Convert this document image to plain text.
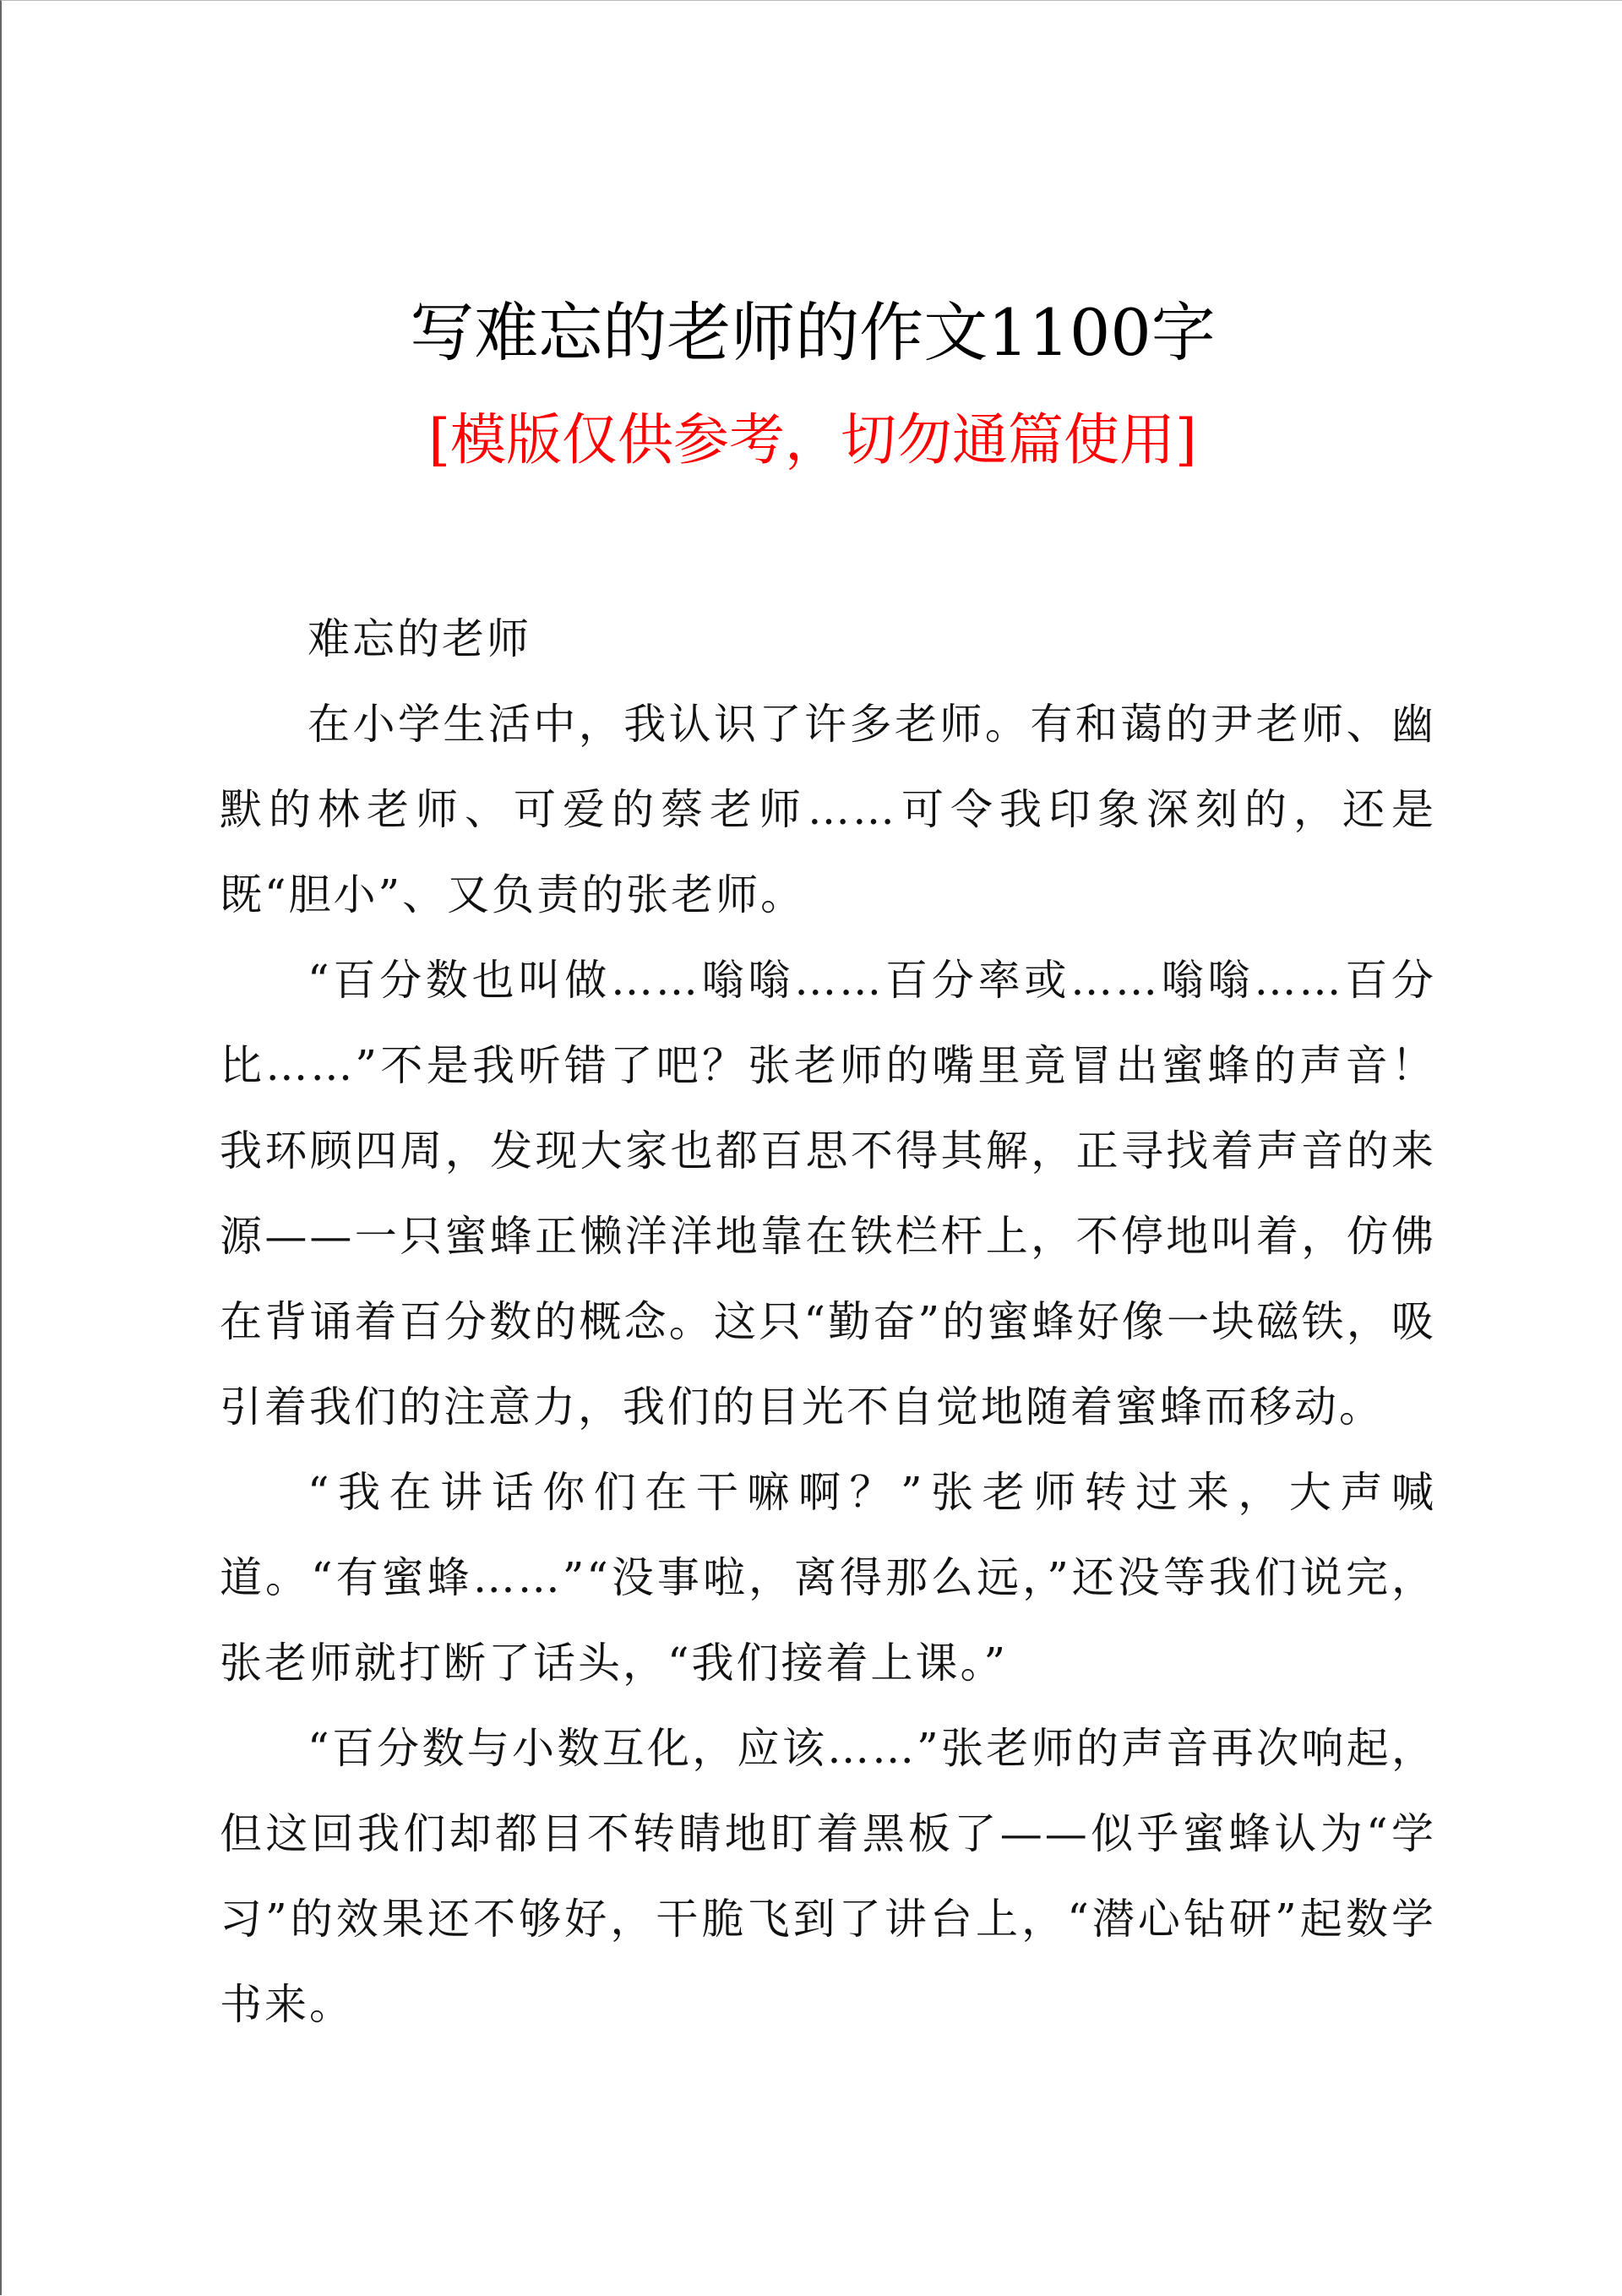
写难忘的老师的作文1100字
[模版仅供参考，切勿通篇使用]

难忘的老师

在小学生活中，我认识了许多老师。有和蔼的尹老师、幽默的林老师、可爱的蔡老师……可令我印象深刻的，还是既“胆小”、又负责的张老师。

“百分数也叫做……嗡嗡……百分率或……嗡嗡……百分比……”不是我听错了吧？张老师的嘴里竟冒出蜜蜂的声音！我环顾四周，发现大家也都百思不得其解，正寻找着声音的来源——一只蜜蜂正懒洋洋地靠在铁栏杆上，不停地叫着，仿佛在背诵着百分数的概念。这只“勤奋”的蜜蜂好像一块磁铁，吸引着我们的注意力，我们的目光不自觉地随着蜜蜂而移动。

“我在讲话你们在干嘛啊？”张老师转过来，大声喊道。“有蜜蜂……”“没事啦，离得那么远，”还没等我们说完，张老师就打断了话头，“我们接着上课。”

“百分数与小数互化，应该……”张老师的声音再次响起，但这回我们却都目不转睛地盯着黑板了——似乎蜜蜂认为“学习”的效果还不够好，干脆飞到了讲台上，“潜心钻研”起数学书来。
